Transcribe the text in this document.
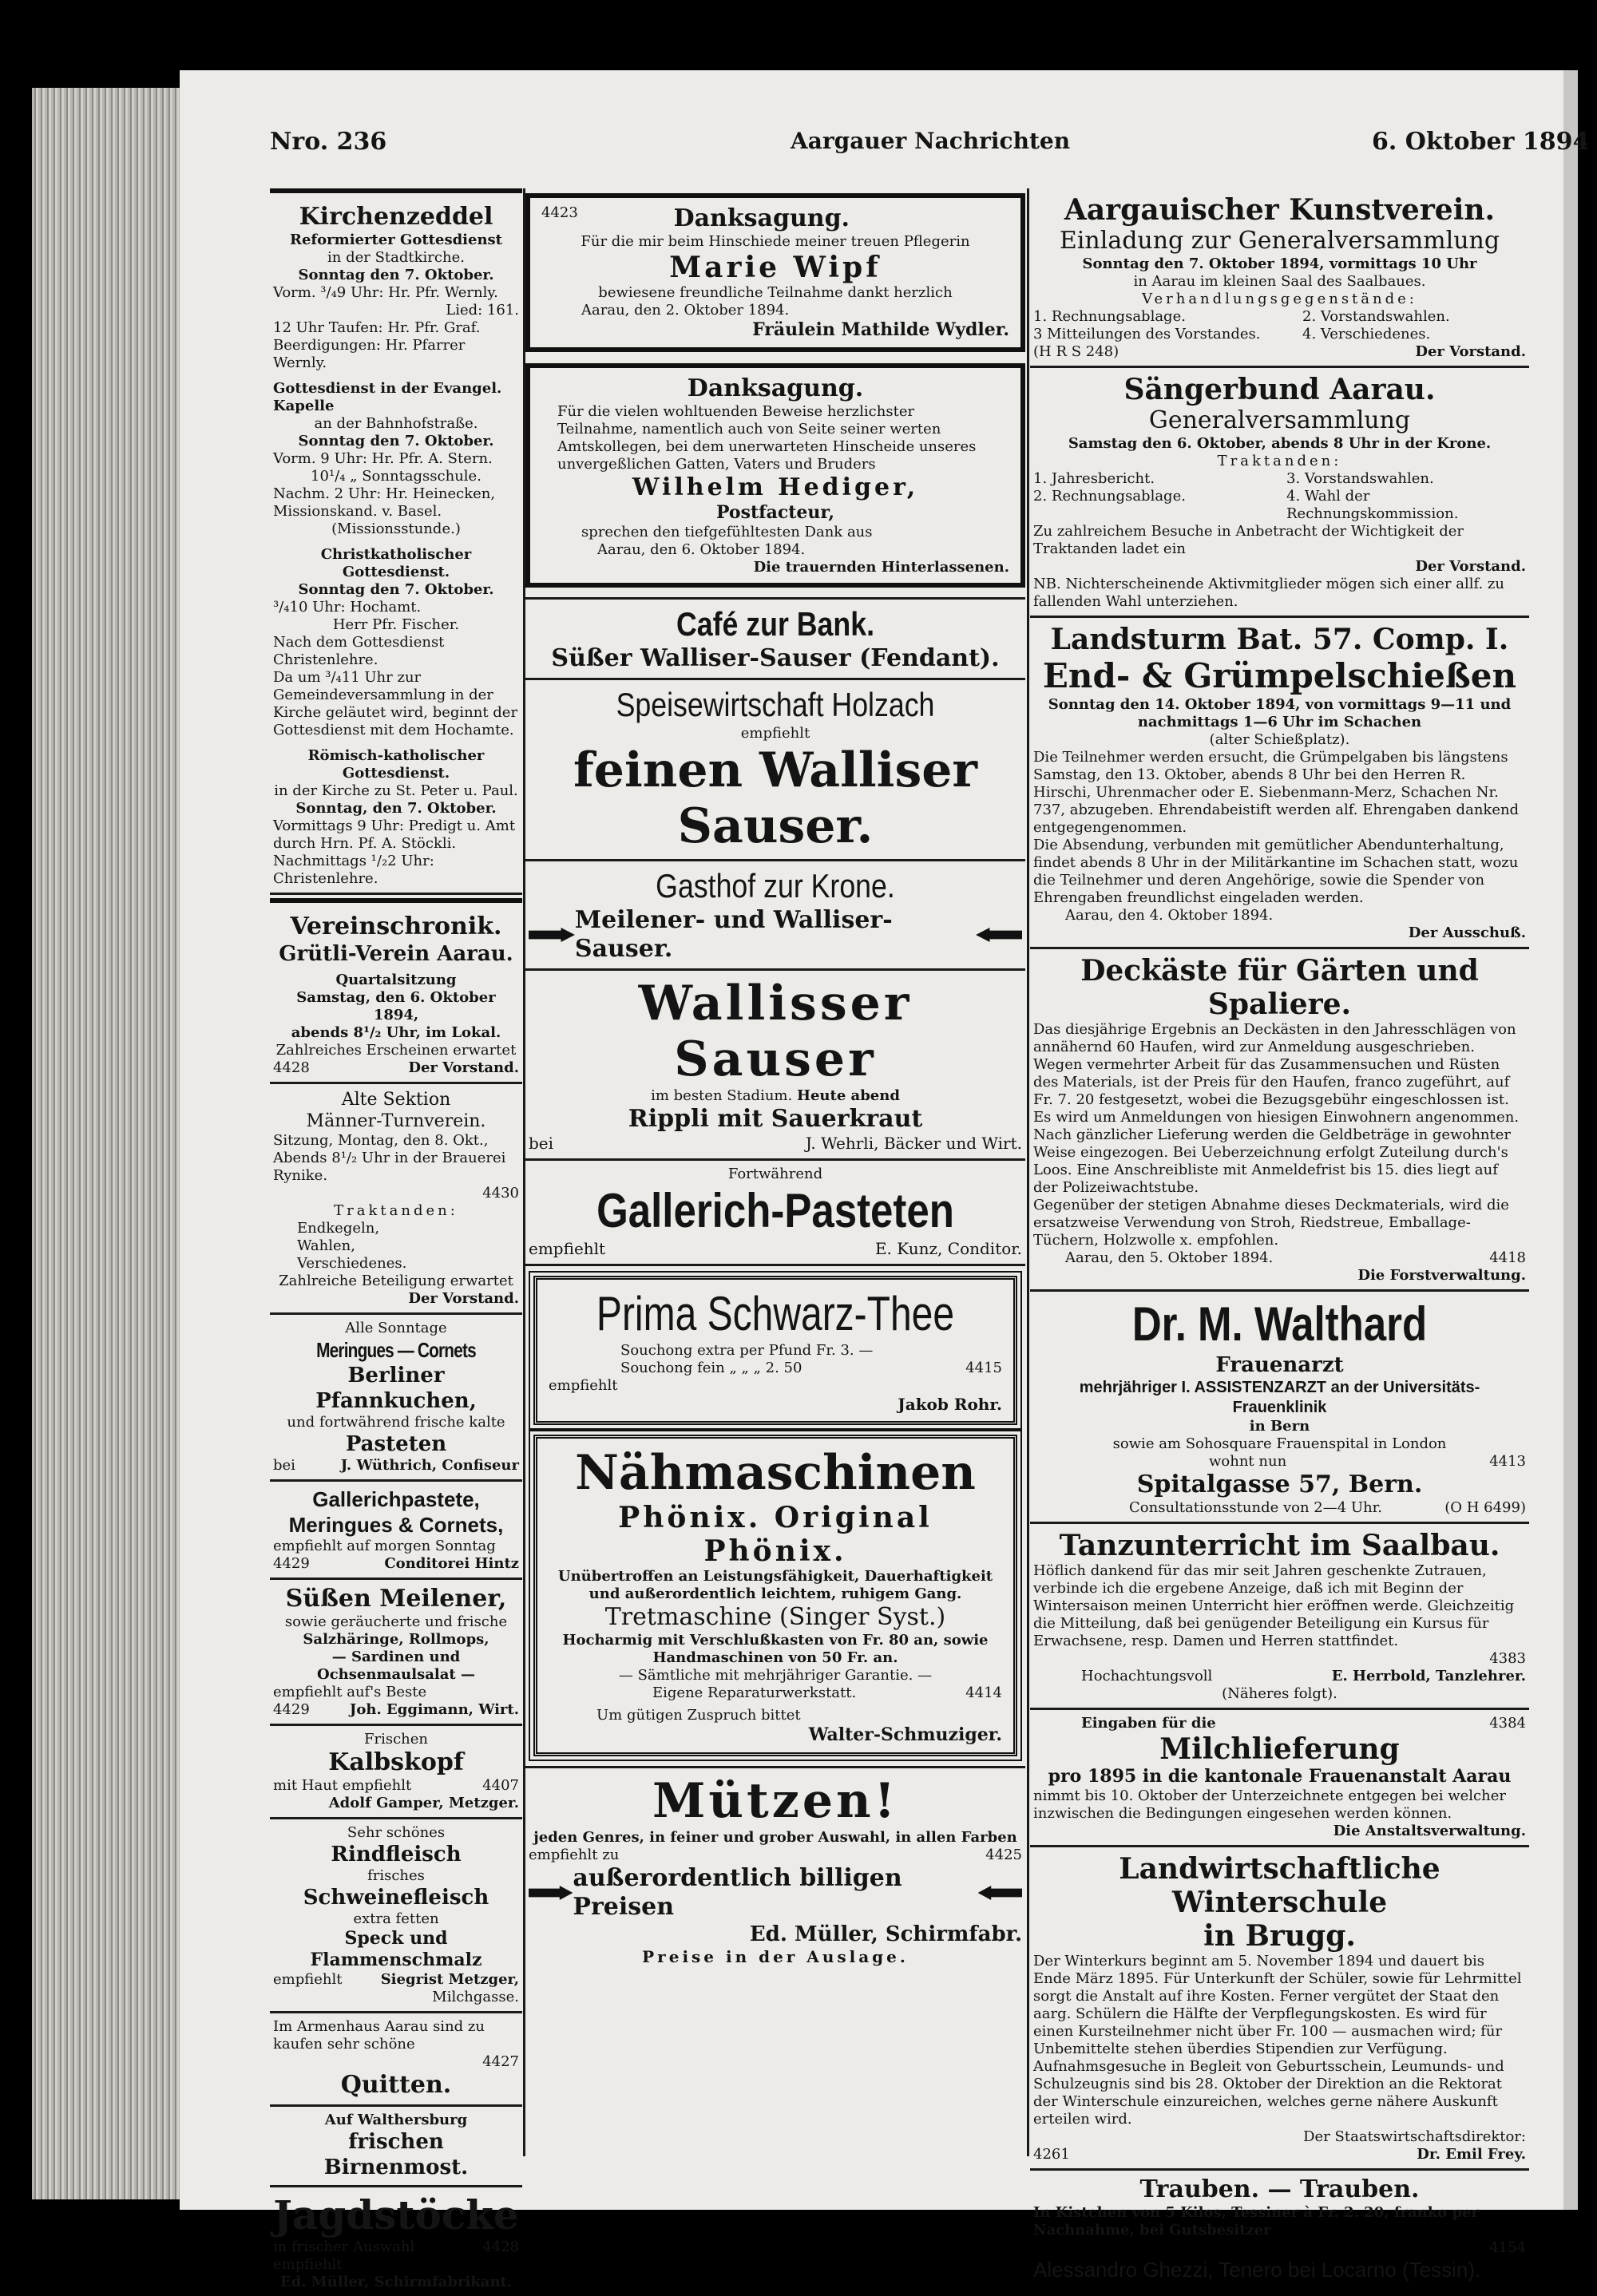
Nro. 236	Aargauer Nachrichten	6. Oktober 1894
Kirchenzeddel
Reformierter Gottesdienst
in der Stadtkirche.
Sonntag den 7. Oktober.
Vorm. ³/₄9 Uhr: Hr. Pfr. Wernly.
Lied: 161.
12 Uhr Taufen: Hr. Pfr. Graf.
Beerdigungen: Hr. Pfarrer Wernly.
Gottesdienst in der Evangel. Kapelle
an der Bahnhofstraße.
Sonntag den 7. Oktober.
Vorm. 9 Uhr: Hr. Pfr. A. Stern.
10¹/₄ „ Sonntagsschule.
Nachm. 2 Uhr: Hr. Heinecken, Missionskand. v. Basel.
(Missionsstunde.)
Christkatholischer Gottesdienst.
Sonntag den 7. Oktober.
³/₄10 Uhr: Hochamt.
Herr Pfr. Fischer.
Nach dem Gottesdienst Christenlehre.
Da um ³/₄11 Uhr zur Gemeindeversammlung in der Kirche geläutet wird, beginnt der Gottesdienst mit dem Hochamte.
Römisch-katholischer Gottesdienst.
in der Kirche zu St. Peter u. Paul.
Sonntag, den 7. Oktober.
Vormittags 9 Uhr: Predigt u. Amt durch Hrn. Pf. A. Stöckli.
Nachmittags ¹/₂2 Uhr: Christenlehre.
Vereinschronik.
Grütli-Verein Aarau.
Quartalsitzung
Samstag, den 6. Oktober 1894,
abends 8¹/₂ Uhr, im Lokal.
Zahlreiches Erscheinen erwartet
4428	Der Vorstand.
Alte Sektion
Männer-Turnverein.
Sitzung, Montag, den 8. Okt., Abends 8¹/₂ Uhr in der Brauerei Rynike.
4430
Traktanden:
Endkegeln,
Wahlen,
Verschiedenes.
Zahlreiche Beteiligung erwartet
Der Vorstand.
Alle Sonntage
Meringues — Cornets
Berliner Pfannkuchen,
und fortwährend frische kalte
Pasteten
bei	J. Wüthrich, Confiseur
Gallerichpastete,
Meringues & Cornets,
empfiehlt auf morgen Sonntag
4429	Conditorei Hintz
Süßen Meilener,
sowie geräucherte und frische
Salzhäringe, Rollmops,
— Sardinen und Ochsenmaulsalat —
empfiehlt auf's Beste
4429	Joh. Eggimann, Wirt.
Frischen
Kalbskopf
mit Haut empfiehlt	4407
Adolf Gamper, Metzger.
Sehr schönes
Rindfleisch
frisches
Schweinefleisch
extra fetten
Speck und Flammenschmalz
empfiehlt	Siegrist Metzger,
Milchgasse.
Im Armenhaus Aarau sind zu kaufen sehr schöne
4427
Quitten.
Auf Walthersburg
frischen Birnenmost.
Jagdstöcke
in frischer Auswahl empfiehlt
4428
Ed. Müller, Schirmfabrikant.
4423	Danksagung.
Für die mir beim Hinschiede meiner treuen Pflegerin
Marie Wipf
bewiesene freundliche Teilnahme dankt herzlich
Aarau, den 2. Oktober 1894.
Fräulein Mathilde Wydler.
Danksagung.
Für die vielen wohltuenden Beweise herzlichster Teilnahme, namentlich auch von Seite seiner werten Amtskollegen, bei dem unerwarteten Hinscheide unseres unvergeßlichen Gatten, Vaters und Bruders
Wilhelm Hediger,
Postfacteur,
sprechen den tiefgefühltesten Dank aus
Aarau, den 6. Oktober 1894.
Die trauernden Hinterlassenen.
Café zur Bank.
Süßer Walliser-Sauser (Fendant).
Speisewirtschaft Holzach
empfiehlt
feinen Walliser Sauser.
Gasthof zur Krone.
Meilener- und Walliser-Sauser.
Wallisser Sauser
im besten Stadium. Heute abend
Rippli mit Sauerkraut
bei	J. Wehrli, Bäcker und Wirt.
Fortwährend
Gallerich-Pasteten
empfiehlt	E. Kunz, Conditor.
Prima Schwarz-Thee
Souchong extra per Pfund Fr. 3. —
Souchong fein „ „ „ 2. 50	4415
empfiehlt
Jakob Rohr.
Nähmaschinen
Phönix. Original Phönix.
Unübertroffen an Leistungsfähigkeit, Dauerhaftigkeit und außerordentlich leichtem, ruhigem Gang.
Tretmaschine (Singer Syst.)
Hocharmig mit Verschlußkasten von Fr. 80 an, sowie Handmaschinen von 50 Fr. an.
— Sämtliche mit mehrjähriger Garantie. —
Eigene Reparaturwerkstatt.	4414
Um gütigen Zuspruch bittet
Walter-Schmuziger.
Mützen!
jeden Genres, in feiner und grober Auswahl, in allen Farben
empfiehlt zu	4425
außerordentlich billigen Preisen
Ed. Müller, Schirmfabr.
Preise in der Auslage.
Aargauischer Kunstverein.
Einladung zur Generalversammlung
Sonntag den 7. Oktober 1894, vormittags 10 Uhr
in Aarau im kleinen Saal des Saalbaues.
Verhandlungsgegenstände:
1. Rechnungsablage.	2. Vorstandswahlen.
3 Mitteilungen des Vorstandes.	4. Verschiedenes.
(H R S 248)	Der Vorstand.
Sängerbund Aarau.
Generalversammlung
Samstag den 6. Oktober, abends 8 Uhr in der Krone.
Traktanden:
1. Jahresbericht.	3. Vorstandswahlen.
2. Rechnungsablage.	4. Wahl der Rechnungskommission.
Zu zahlreichem Besuche in Anbetracht der Wichtigkeit der Traktanden ladet ein
Der Vorstand.
NB. Nichterscheinende Aktivmitglieder mögen sich einer allf. zu fallenden Wahl unterziehen.
Landsturm Bat. 57. Comp. I.
End- & Grümpelschießen
Sonntag den 14. Oktober 1894, von vormittags 9—11 und nachmittags 1—6 Uhr im Schachen
(alter Schießplatz).
Die Teilnehmer werden ersucht, die Grümpelgaben bis längstens Samstag, den 13. Oktober, abends 8 Uhr bei den Herren R. Hirschi, Uhrenmacher oder E. Siebenmann-Merz, Schachen Nr. 737, abzugeben. Ehrendabeistift werden alf. Ehrengaben dankend entgegengenommen.
Die Absendung, verbunden mit gemütlicher Abendunterhaltung, findet abends 8 Uhr in der Militärkantine im Schachen statt, wozu die Teilnehmer und deren Angehörige, sowie die Spender von Ehrengaben freundlichst eingeladen werden.
Aarau, den 4. Oktober 1894.
Der Ausschuß.
Deckäste für Gärten und Spaliere.
Das diesjährige Ergebnis an Deckästen in den Jahresschlägen von annähernd 60 Haufen, wird zur Anmeldung ausgeschrieben. Wegen vermehrter Arbeit für das Zusammensuchen und Rüsten des Materials, ist der Preis für den Haufen, franco zugeführt, auf Fr. 7. 20 festgesetzt, wobei die Bezugsgebühr eingeschlossen ist. Es wird um Anmeldungen von hiesigen Einwohnern angenommen. Nach gänzlicher Lieferung werden die Geldbeträge in gewohnter Weise eingezogen. Bei Ueberzeichnung erfolgt Zuteilung durch's Loos. Eine Anschreibliste mit Anmeldefrist bis 15. dies liegt auf der Polizeiwachtstube.
Gegenüber der stetigen Abnahme dieses Deckmaterials, wird die ersatzweise Verwendung von Stroh, Riedstreue, Emballage-Tüchern, Holzwolle x. empfohlen.
Aarau, den 5. Oktober 1894.	4418
Die Forstverwaltung.
Dr. M. Walthard
Frauenarzt
mehrjähriger I. ASSISTENZARZT an der Universitäts-Frauenklinik
in Bern
sowie am Sohosquare Frauenspital in London
wohnt nun	4413
Spitalgasse 57, Bern.
Consultationsstunde von 2—4 Uhr.	(O H 6499)
Tanzunterricht im Saalbau.
Höflich dankend für das mir seit Jahren geschenkte Zutrauen, verbinde ich die ergebene Anzeige, daß ich mit Beginn der Wintersaison meinen Unterricht hier eröffnen werde. Gleichzeitig die Mitteilung, daß bei genügender Beteiligung ein Kursus für Erwachsene, resp. Damen und Herren stattfindet.
4383
Hochachtungsvoll	E. Herrbold, Tanzlehrer.
(Näheres folgt).
Eingaben für die	4384
Milchlieferung
pro 1895 in die kantonale Frauenanstalt Aarau
nimmt bis 10. Oktober der Unterzeichnete entgegen bei welcher inzwischen die Bedingungen eingesehen werden können.
Die Anstaltsverwaltung.
Landwirtschaftliche Winterschule
in Brugg.
Der Winterkurs beginnt am 5. November 1894 und dauert bis Ende März 1895. Für Unterkunft der Schüler, sowie für Lehrmittel sorgt die Anstalt auf ihre Kosten. Ferner vergütet der Staat den aarg. Schülern die Hälfte der Verpflegungskosten. Es wird für einen Kursteilnehmer nicht über Fr. 100 — ausmachen wird; für Unbemittelte stehen überdies Stipendien zur Verfügung. Aufnahmsgesuche in Begleit von Geburtsschein, Leumunds- und Schulzeugnis sind bis 28. Oktober der Direktion an die Rektorat der Winterschule einzureichen, welches gerne nähere Auskunft erteilen wird.
Der Staatswirtschaftsdirektor:
4261	Dr. Emil Frey.
Trauben. — Trauben.
In Kistchen von 5 Kilos, Tessiner à Fr. 2. 20, franko per Nachnahme, bei Gutsbesitzer
4154
Alessandro Ghezzi, Tenero bei Locarno (Tessin).
